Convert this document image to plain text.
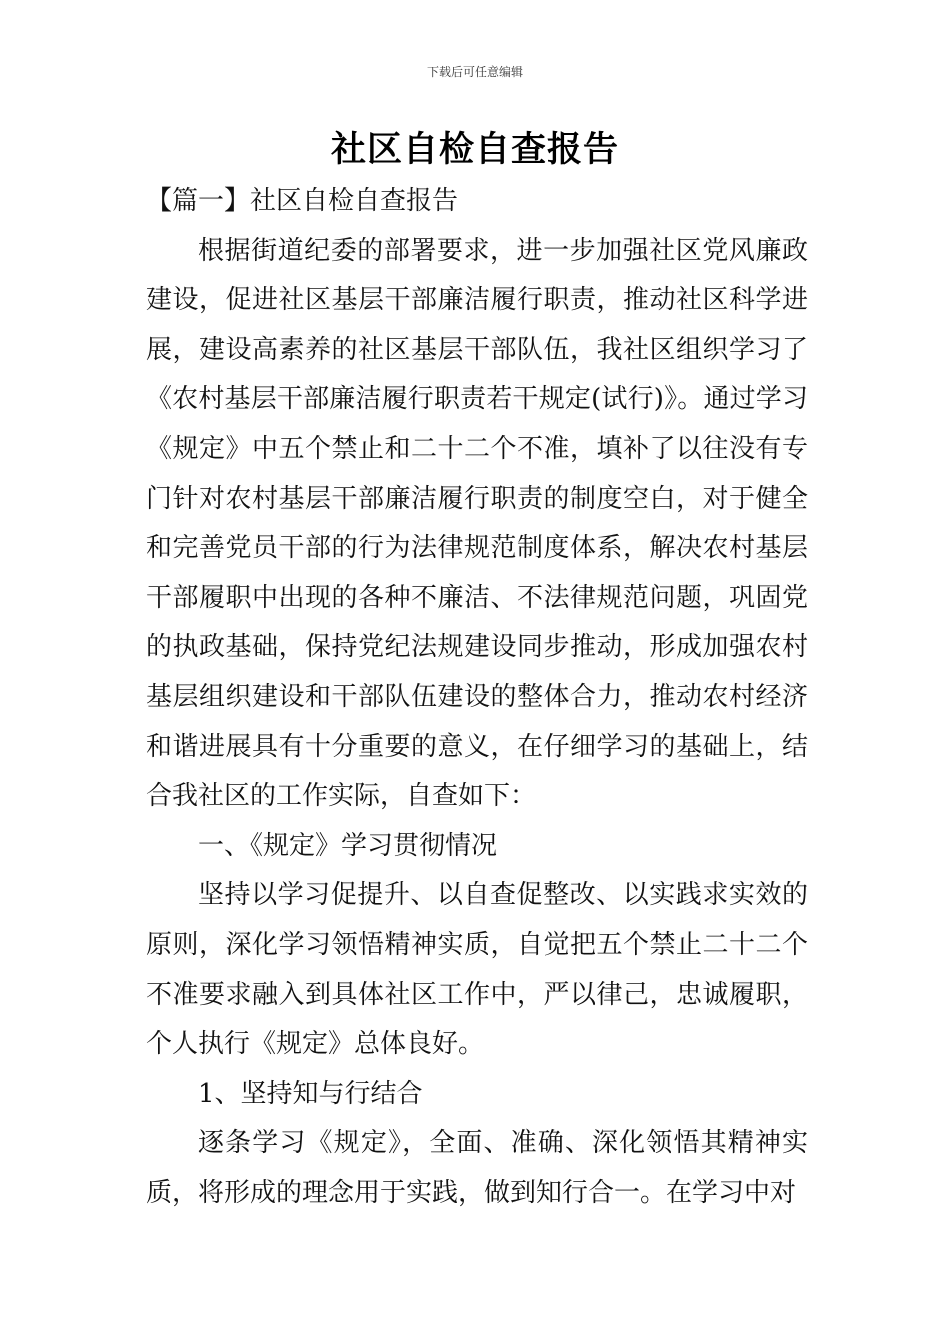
下载后可任意编辑
社区自检自查报告

【篇一】社区自检自查报告

根据街道纪委的部署要求，进一步加强社区党风廉政建设，促进社区基层干部廉洁履行职责，推动社区科学进展，建设高素养的社区基层干部队伍，我社区组织学习了《农村基层干部廉洁履行职责若干规定(试行)》。通过学习《规定》中五个禁止和二十二个不准，填补了以往没有专门针对农村基层干部廉洁履行职责的制度空白，对于健全和完善党员干部的行为法律规范制度体系，解决农村基层干部履职中出现的各种不廉洁、不法律规范问题，巩固党的执政基础，保持党纪法规建设同步推动，形成加强农村基层组织建设和干部队伍建设的整体合力，推动农村经济和谐进展具有十分重要的意义，在仔细学习的基础上，结合我社区的工作实际，自查如下：

一、《规定》学习贯彻情况

坚持以学习促提升、以自查促整改、以实践求实效的原则，深化学习领悟精神实质，自觉把五个禁止二十二个不准要求融入到具体社区工作中，严以律己，忠诚履职，个人执行《规定》总体良好。

1、坚持知与行结合

逐条学习《规定》，全面、准确、深化领悟其精神实质，将形成的理念用于实践，做到知行合一。在学习中对
